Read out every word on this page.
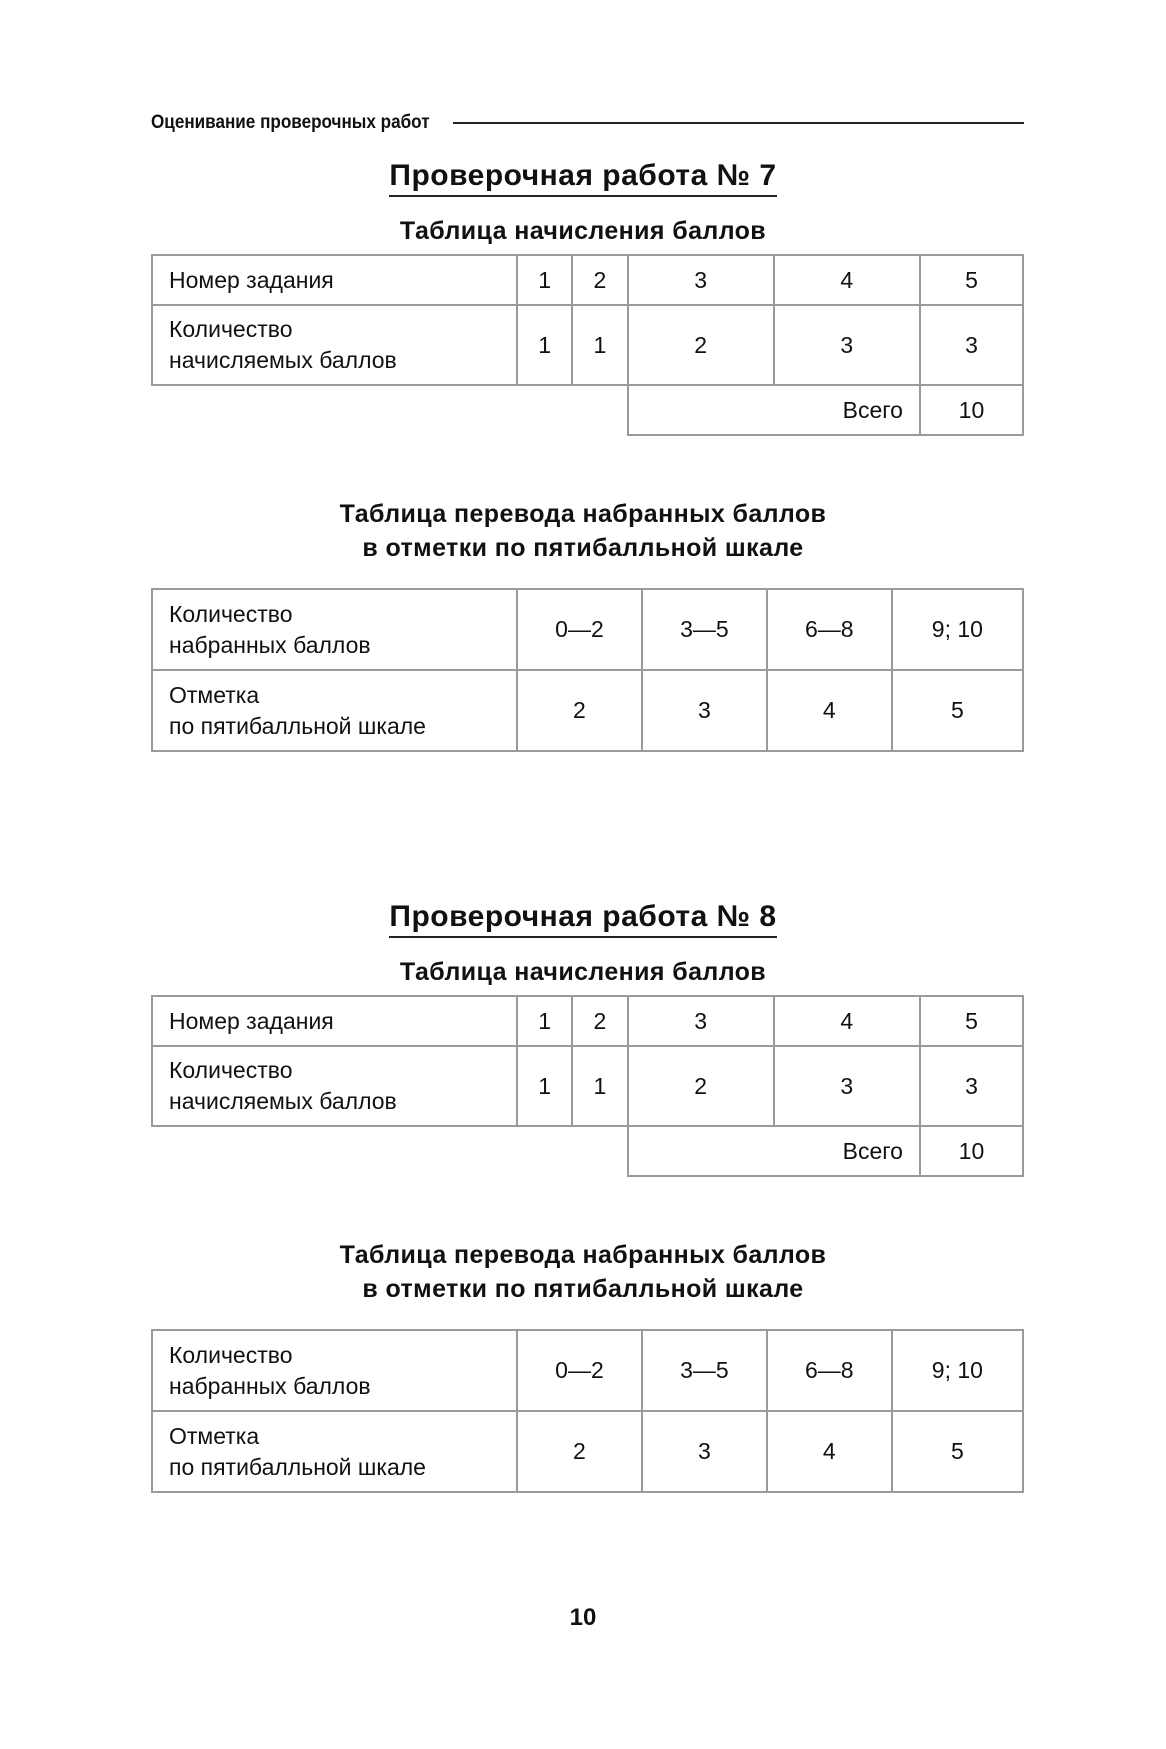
Оценивание проверочных работ
Проверочная работа № 7
Таблица начисления баллов
Номер задания	1	2	3	4	5
Количество
начисляемых баллов	1	1	2	3	3
			Всего		10
Таблица перевода набранных баллов
в отметки по пятибалльной шкале
Количество
набранных баллов	0—2	3—5	6—8	9; 10
Отметка
по пятибалльной шкале	2	3	4	5
Проверочная работа № 8
Таблица начисления баллов
Номер задания	1	2	3	4	5
Количество
начисляемых баллов	1	1	2	3	3
			Всего		10
Таблица перевода набранных баллов
в отметки по пятибалльной шкале
Количество
набранных баллов	0—2	3—5	6—8	9; 10
Отметка
по пятибалльной шкале	2	3	4	5
10
